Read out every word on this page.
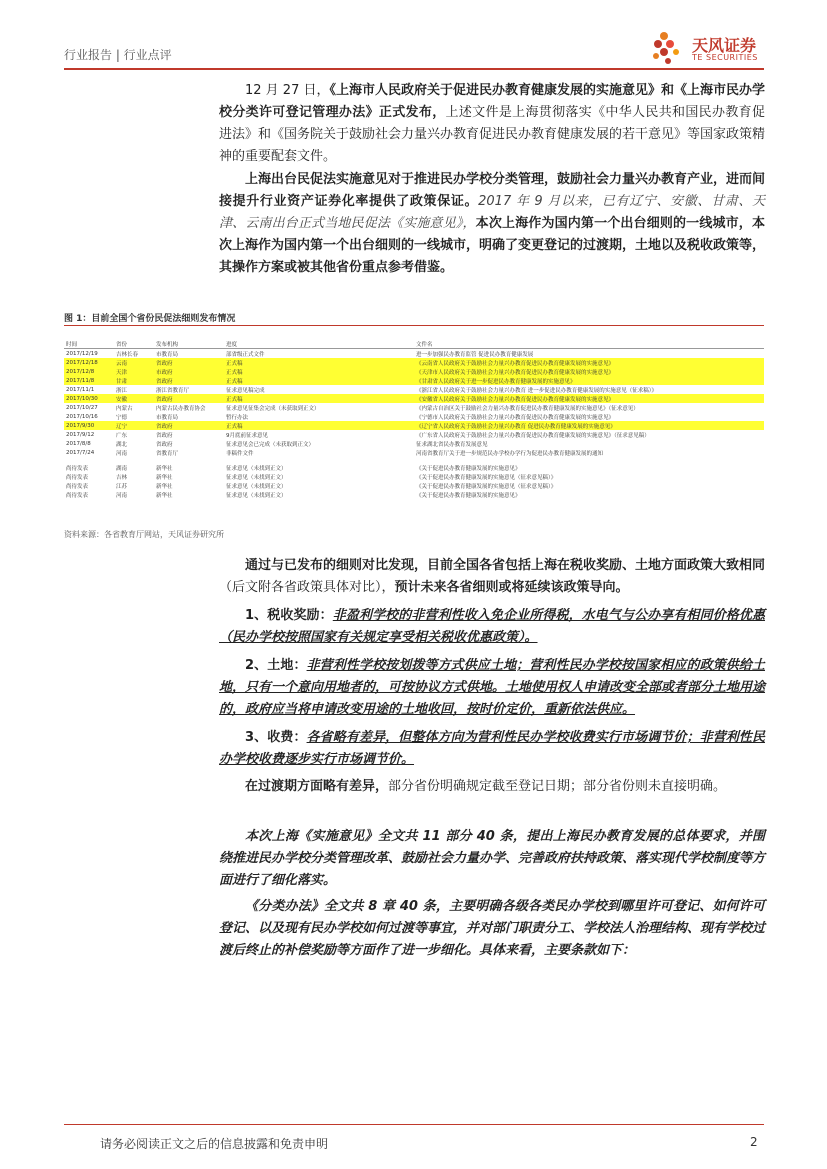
行业报告 | 行业点评	天风证券
TE SECURITIES
12 月 27 日，《上海市人民政府关于促进民办教育健康发展的实施意见》和《上海市民办学校分类许可登记管理办法》正式发布，上述文件是上海贯彻落实《中华人民共和国民办教育促进法》和《国务院关于鼓励社会力量兴办教育促进民办教育健康发展的若干意见》等国家政策精神的重要配套文件。
上海出台民促法实施意见对于推进民办学校分类管理，鼓励社会力量兴办教育产业，进而间接提升行业资产证券化率提供了政策保证。2017 年 9 月以来，已有辽宁、安徽、甘肃、天津、云南出台正式当地民促法《实施意见》，本次上海作为国内第一个出台细则的一线城市，本次上海作为国内第一个出台细则的一线城市，明确了变更登记的过渡期，土地以及税收政策等，其操作方案或被其他省份重点参考借鉴。
图 1：目前全国个省份民促法细则发布情况
时间	省份	发布机构	进度	文件名
2017/12/19	吉林长春	市教育局	部省级正式文件	进一步加强民办教育监管 促进民办教育健康发展
2017/12/18	云南	省政府	正式稿	《云南省人民政府关于鼓励社会力量兴办教育促进民办教育健康发展的实施意见》
2017/12/8	天津	市政府	正式稿	《天津市人民政府关于鼓励社会力量兴办教育促进民办教育健康发展的实施意见》
2017/11/8	甘肃	省政府	正式稿	《甘肃省人民政府关于进一步促进民办教育健康发展的实施意见》
2017/11/1	浙江	浙江省教育厅	征求意见稿完成	《浙江省人民政府关于鼓励社会力量兴办教育 进一步促进民办教育健康发展的实施意见（征求稿）》
2017/10/30	安徽	省政府	正式稿	《安徽省人民政府关于鼓励社会力量兴办教育促进民办教育健康发展的实施意见》
2017/10/27	内蒙古	内蒙古民办教育协会	征求意见征集会完成（未获取到正文）	《内蒙古自治区关于鼓励社会力量兴办教育促进民办教育健康发展的实施意见》（征求意见）
2017/10/16	宁德	市教育局	暂行办法	《宁德市人民政府关于鼓励社会力量兴办教育促进民办教育健康发展的实施意见》
2017/9/30	辽宁	省政府	正式稿	《辽宁省人民政府关于鼓励社会力量兴办教育 促进民办教育健康发展的实施意见》
2017/9/12	广东	省政府	9月底前征求意见	《广东省人民政府关于鼓励社会力量兴办教育促进民办教育健康发展的实施意见》（征求意见稿）
2017/8/8	湖北	省政府	征求意见会已完成（未获取到正文）	征求湖北省民办教育发展意见
2017/7/24	河南	省教育厅	非稿件文件	河南省教育厅关于进一步规范民办学校办学行为促进民办教育健康发展的通知

尚待发表	湖南	新华社	征求意见（未找到正文）	《关于促进民办教育健康发展的实施意见》
尚待发表	吉林	新华社	征求意见（未找到正文）	《关于促进民办教育健康发展的实施意见（征求意见稿）》
尚待发表	江苏	新华社	征求意见（未找到正文）	《关于促进民办教育健康发展的实施意见（征求意见稿）》
尚待发表	河南	新华社	征求意见（未找到正文）	《关于促进民办教育健康发展的实施意见》
资料来源：各省教育厅网站，天风证券研究所
通过与已发布的细则对比发现，目前全国各省包括上海在税收奖励、土地方面政策大致相同（后文附各省政策具体对比），预计未来各省细则或将延续该政策导向。
1、税收奖励：非盈利学校的非营利性收入免企业所得税，水电气与公办享有相同价格优惠（民办学校按照国家有关规定享受相关税收优惠政策）。
2、土地：非营利性学校按划拨等方式供应土地；营利性民办学校按国家相应的政策供给土地，只有一个意向用地者的，可按协议方式供地。土地使用权人申请改变全部或者部分土地用途的，政府应当将申请改变用途的土地收回，按时价定价，重新依法供应。
3、收费：各省略有差异，但整体方向为营利性民办学校收费实行市场调节价；非营利性民办学校收费逐步实行市场调节价。
在过渡期方面略有差异，部分省份明确规定截至登记日期；部分省份则未直接明确。
本次上海《实施意见》全文共 11 部分 40 条，提出上海民办教育发展的总体要求，并围绕推进民办学校分类管理改革、鼓励社会力量办学、完善政府扶持政策、落实现代学校制度等方面进行了细化落实。
《分类办法》全文共 8 章 40 条，主要明确各级各类民办学校到哪里许可登记、如何许可登记、以及现有民办学校如何过渡等事宜，并对部门职责分工、学校法人治理结构、现有学校过渡后终止的补偿奖励等方面作了进一步细化。具体来看，主要条款如下：
请务必阅读正文之后的信息披露和免责申明	2
